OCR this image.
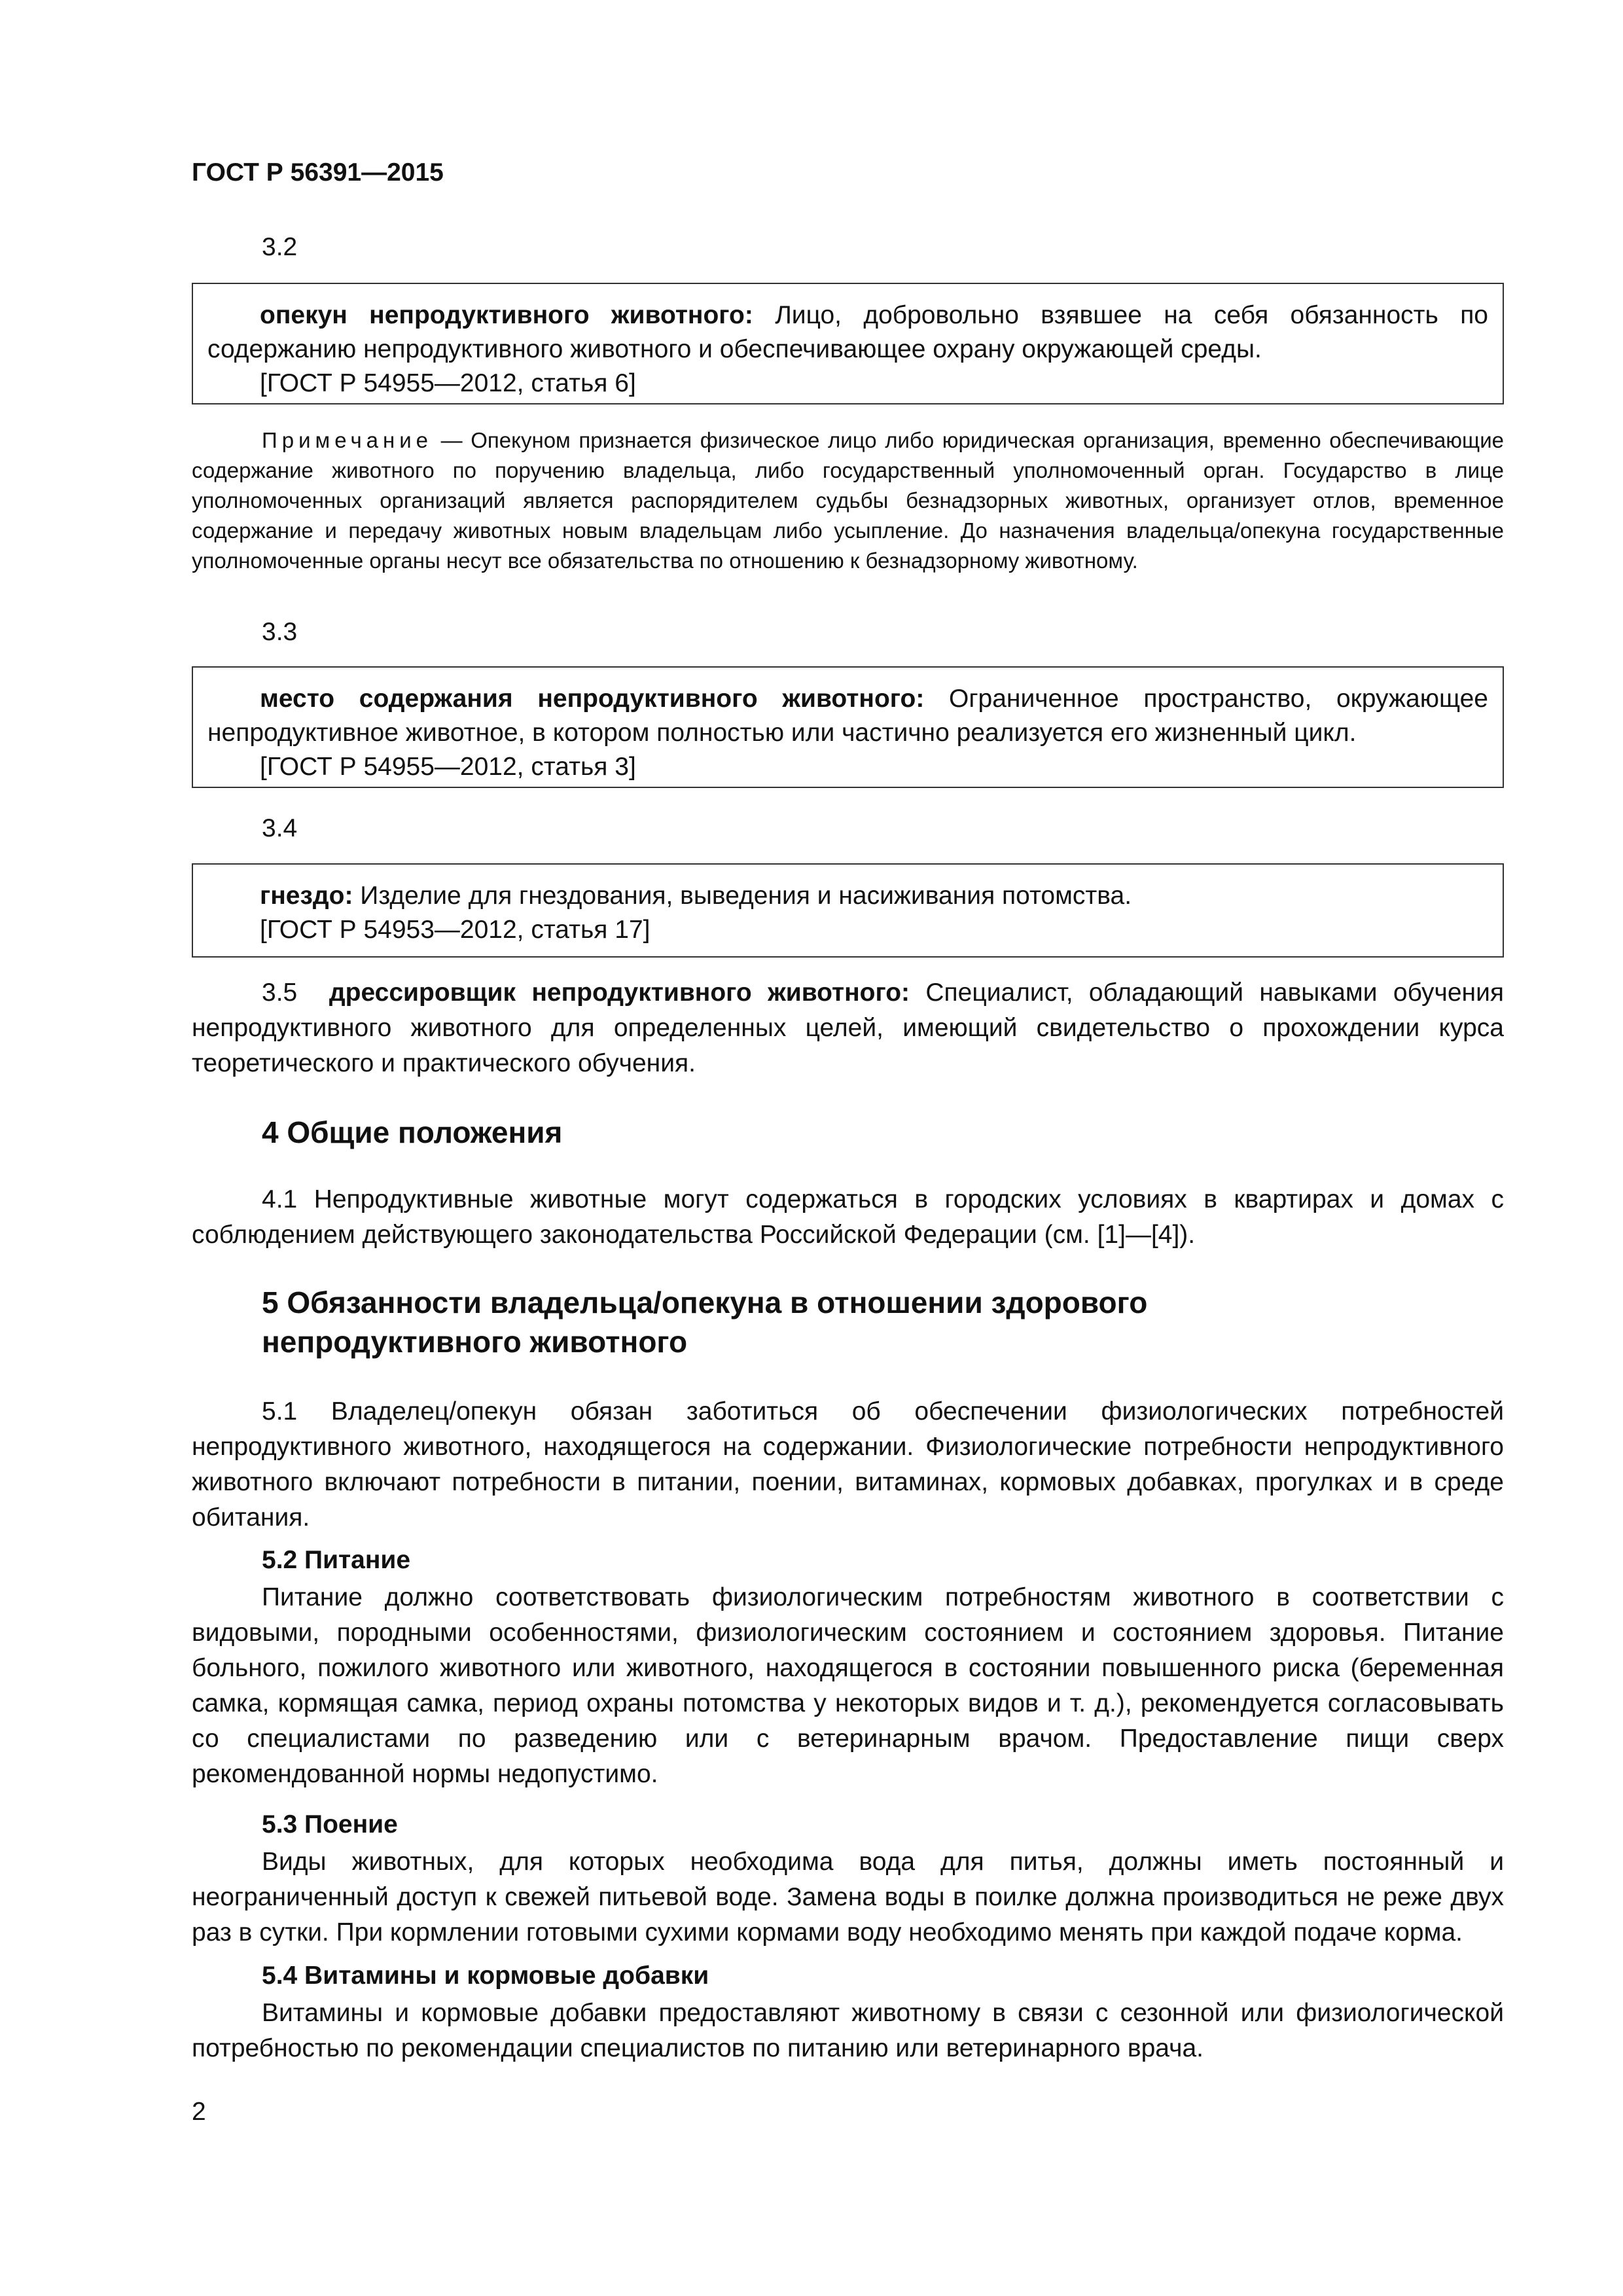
ГОСТ Р 56391—2015
3.2

опекун непродуктивного животного: Лицо, добровольно взявшее на себя обязанность по содержанию непродуктивного животного и обеспечивающее охрану окружающей среды.

[ГОСТ Р 54955—2012, статья 6]

Примечание — Опекуном признается физическое лицо либо юридическая организация, временно обеспечивающие содержание животного по поручению владельца, либо государственный уполномоченный орган. Государство в лице уполномоченных организаций является распорядителем судьбы безнадзорных животных, организует отлов, временное содержание и передачу животных новым владельцам либо усыпление. До назначения владельца/опекуна государственные уполномоченные органы несут все обязательства по отношению к безнадзорному животному.
3.3

место содержания непродуктивного животного: Ограниченное пространство, окружающее непродуктивное животное, в котором полностью или частично реализуется его жизненный цикл.

[ГОСТ Р 54955—2012, статья 3]

3.4

гнездо: Изделие для гнездования, выведения и насиживания потомства.

[ГОСТ Р 54953—2012, статья 17]

3.5 дрессировщик непродуктивного животного: Специалист, обладающий навыками обучения непродуктивного животного для определенных целей, имеющий свидетельство о прохождении курса теоретического и практического обучения.

4 Общие положения

4.1 Непродуктивные животные могут содержаться в городских условиях в квартирах и домах с соблюдением действующего законодательства Российской Федерации (см. [1]—[4]).

5 Обязанности владельца/опекуна в отношении здорового
непродуктивного животного

5.1 Владелец/опекун обязан заботиться об обеспечении физиологических потребностей непродуктивного животного, находящегося на содержании. Физиологические потребности непродуктивного животного включают потребности в питании, поении, витаминах, кормовых добавках, прогулках и в среде обитания.

5.2 Питание

Питание должно соответствовать физиологическим потребностям животного в соответствии с видовыми, породными особенностями, физиологическим состоянием и состоянием здоровья. Питание больного, пожилого животного или животного, находящегося в состоянии повышенного риска (беременная самка, кормящая самка, период охраны потомства у некоторых видов и т. д.), рекомендуется согласовывать со специалистами по разведению или с ветеринарным врачом. Предоставление пищи сверх рекомендованной нормы недопустимо.

5.3 Поение

Виды животных, для которых необходима вода для питья, должны иметь постоянный и неограниченный доступ к свежей питьевой воде. Замена воды в поилке должна производиться не реже двух раз в сутки. При кормлении готовыми сухими кормами воду необходимо менять при каждой подаче корма.

5.4 Витамины и кормовые добавки

Витамины и кормовые добавки предоставляют животному в связи с сезонной или физиологической потребностью по рекомендации специалистов по питанию или ветеринарного врача.

2
